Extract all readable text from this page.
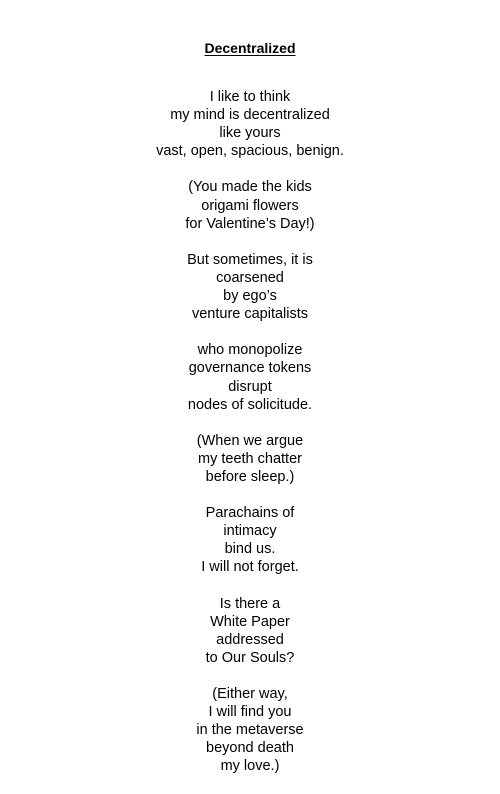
Decentralized
I like to think
my mind is decentralized
like yours
vast, open, spacious, benign.
(You made the kids
origami flowers
for Valentine’s Day!)
But sometimes, it is
coarsened
by ego’s
venture capitalists
who monopolize
governance tokens
disrupt
nodes of solicitude.
(When we argue
my teeth chatter
before sleep.)
Parachains of
intimacy
bind us.
I will not forget.
Is there a
White Paper
addressed
to Our Souls?
(Either way,
I will find you
in the metaverse
beyond death
my love.)
